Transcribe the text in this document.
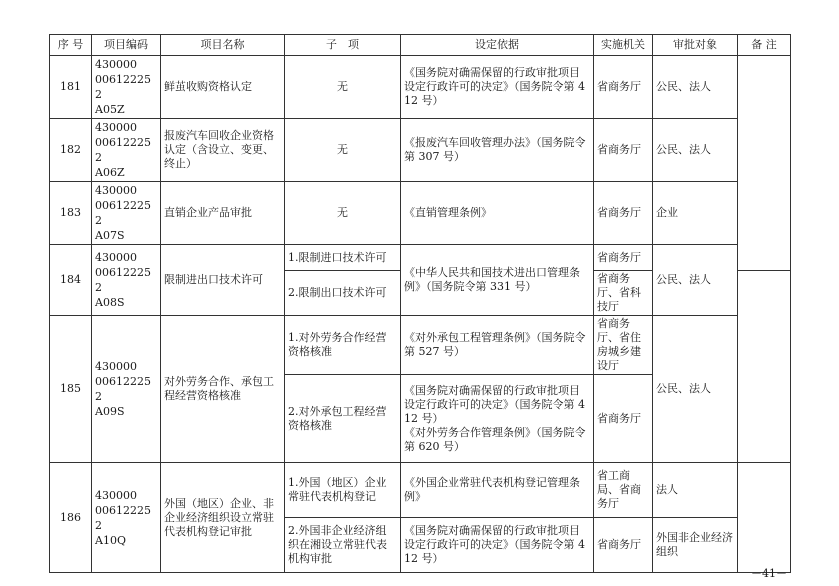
序 号	项目编码	项目名称	子　项	设定依据	实施机关	审批对象	备 注
181	430000
006122252
A05Z	鲜茧收购资格认定	无	《国务院对确需保留的行政审批项目设定行政许可的决定》（国务院令第 412 号）	省商务厅	公民、法人	
182	430000
006122252
A06Z	报废汽车回收企业资格认定（含设立、变更、终止）	无	《报废汽车回收管理办法》（国务院令第 307 号）	省商务厅	公民、法人	
183	430000
006122252
A07S	直销企业产品审批	无	《直销管理条例》	省商务厅	企业	
184	430000
006122252
A08S	限制进出口技术许可	1.限制进口技术许可	《中华人民共和国技术进出口管理条例》（国务院令第 331 号）	省商务厅	公民、法人	
			2.限制出口技术许可		省商务厅、省科技厅		
185	430000
006122252
A09S	对外劳务合作、承包工程经营资格核准	1.对外劳务合作经营资格核准	《对外承包工程管理条例》（国务院令第 527 号）	省商务厅、省住房城乡建设厅	公民、法人	
			2.对外承包工程经营资格核准	《国务院对确需保留的行政审批项目设定行政许可的决定》（国务院令第 412 号）
《对外劳务合作管理条例》（国务院令第 620 号）	省商务厅		
186	430000
006122252
A10Q	外国（地区）企业、非企业经济组织设立常驻代表机构登记审批	1.外国（地区）企业常驻代表机构登记	《外国企业常驻代表机构登记管理条例》	省工商局、省商务厅	法人	
			2.外国非企业经济组织在湘设立常驻代表机构审批	《国务院对确需保留的行政审批项目设定行政许可的决定》（国务院令第 412 号）	省商务厅	外国非企业经济组织	
－41－
